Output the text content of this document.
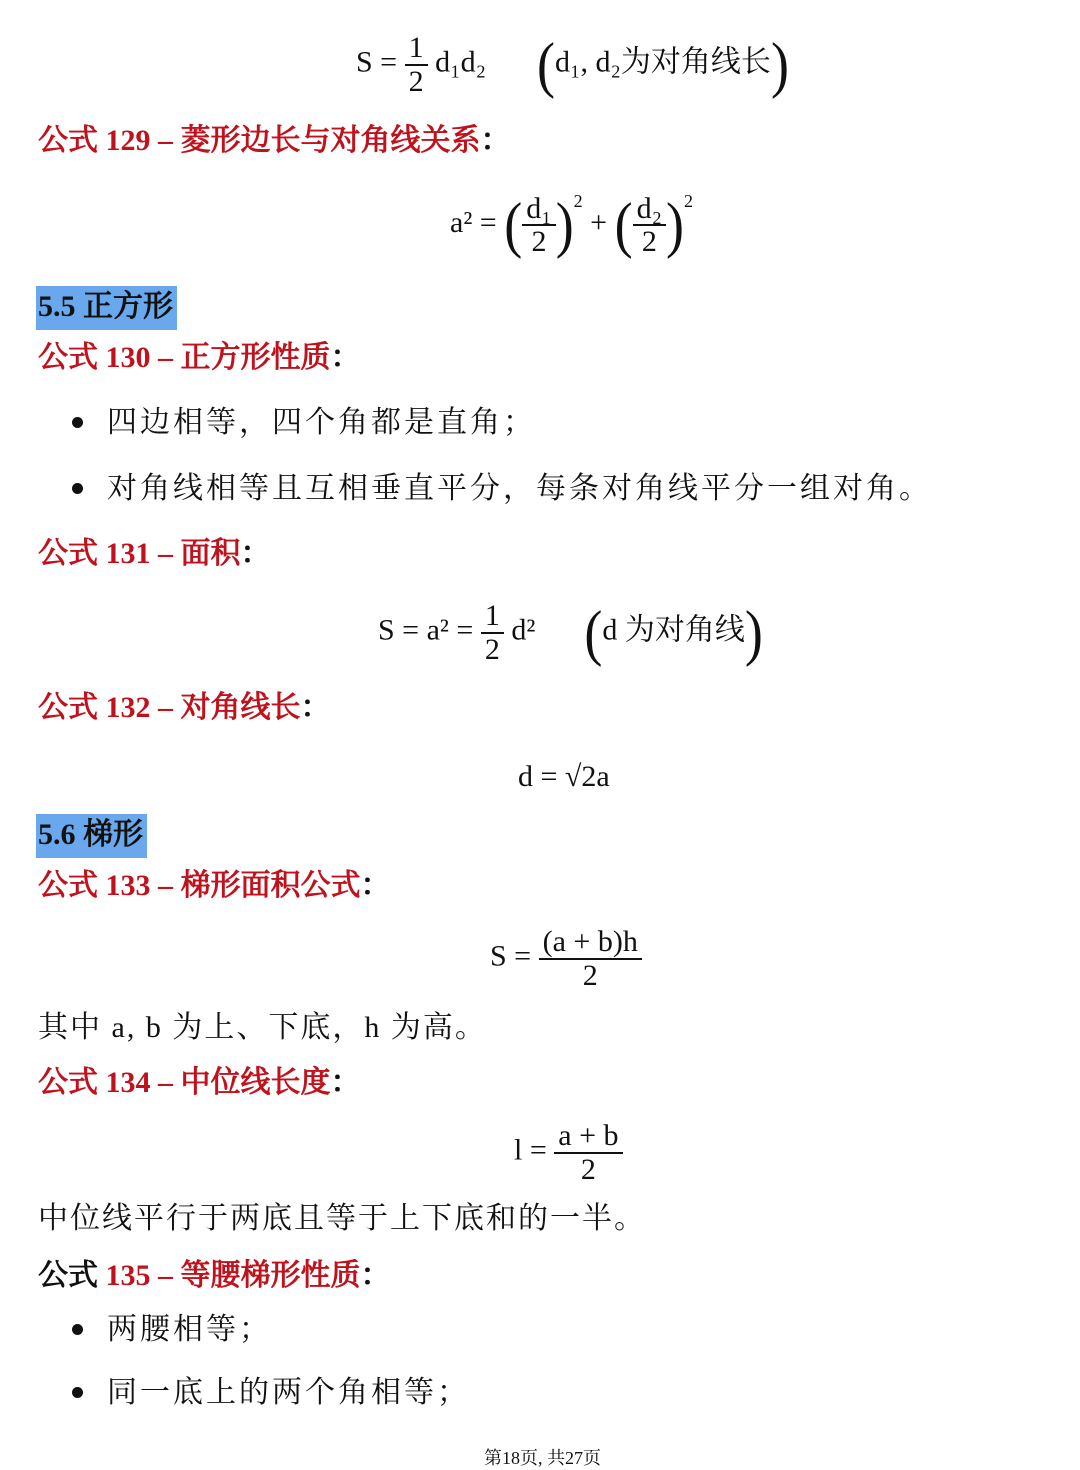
$S = \frac{1}{2} d_1d_2$ (d₁, d₂为对角线长)
公式 129 – 菱形边长与对角线关系：
a² = ( $\frac{\text{d₁}}{2} )^2$ + ( $\frac{\text{d₂}}{2} )^2$
5.5 正方形
公式 130 – 正方形性质：
四边相等，四个角都是直角；
对角线相等且互相垂直平分，每条对角线平分一组对角。
公式 131 – 面积：
$S = a^2 = \frac{1}{2} d^2$ (d 为对角线)
公式 132 – 对角线长：
d = √2a
5.6 梯形
公式 133 – 梯形面积公式：
$S = \frac{(a + b)h}{2}$
其中 a, b 为上、下底，h 为高。
公式 134 – 中位线长度：
$l = \frac{a + b}{2}$
中位线平行于两底且等于上下底和的一半。
公式 135 – 等腰梯形性质：
两腰相等；
同一底上的两个角相等；
第18页, 共27页
